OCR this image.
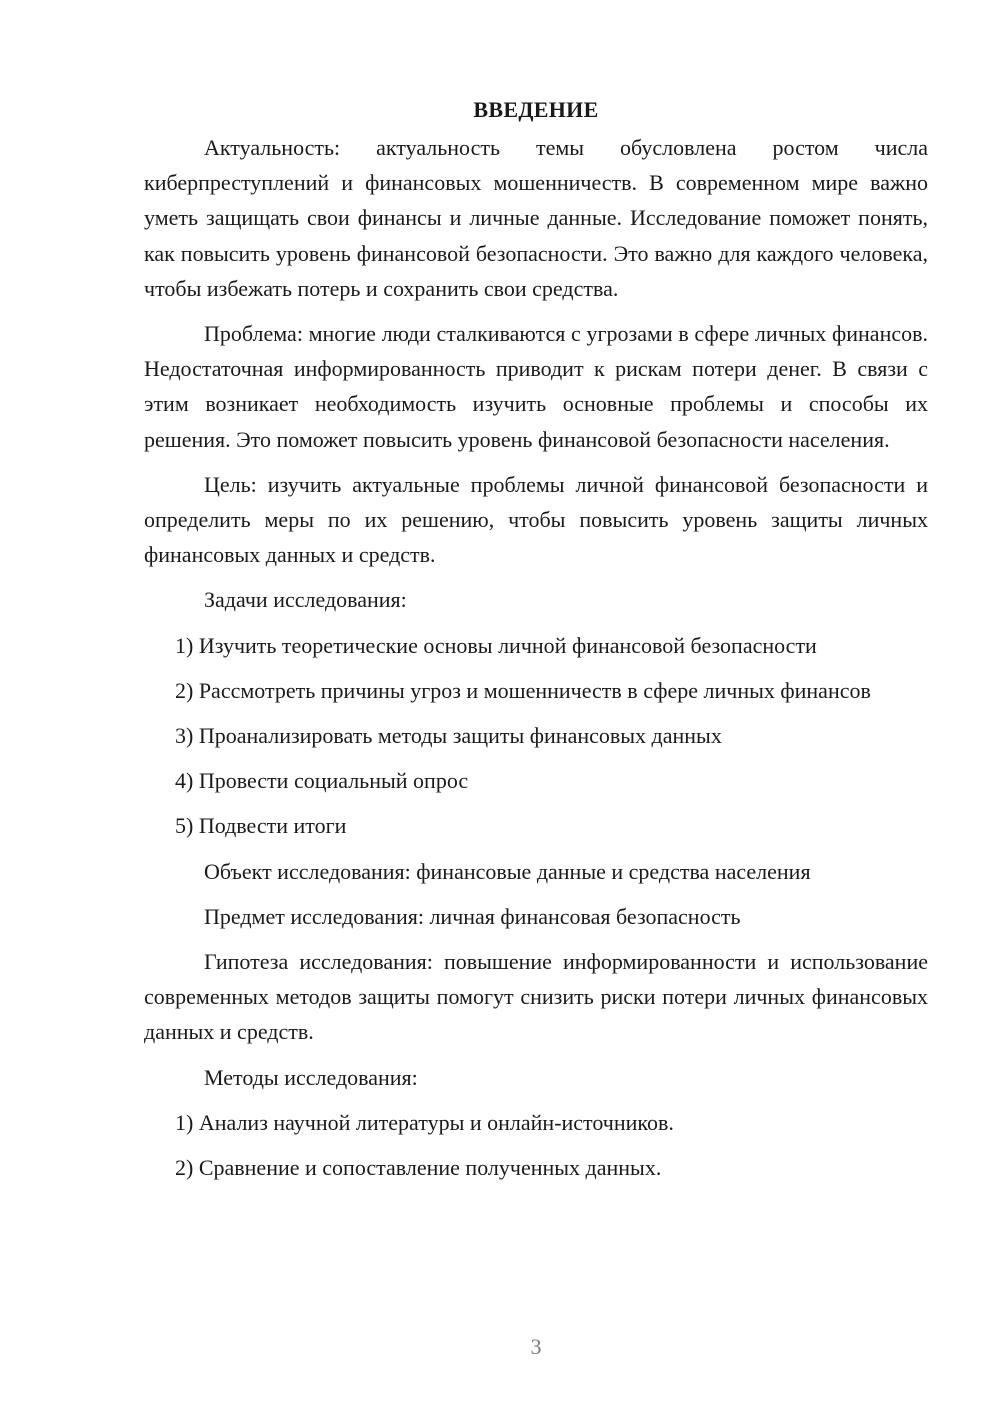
ВВЕДЕНИЕ

Актуальность: актуальность темы обусловлена ростом числа киберпреступлений и финансовых мошенничеств. В современном мире важно уметь защищать свои финансы и личные данные. Исследование поможет понять, как повысить уровень финансовой безопасности. Это важно для каждого человека, чтобы избежать потерь и сохранить свои средства.

Проблема: многие люди сталкиваются с угрозами в сфере личных финансов. Недостаточная информированность приводит к рискам потери денег. В связи с этим возникает необходимость изучить основные проблемы и способы их решения. Это поможет повысить уровень финансовой безопасности населения.

Цель: изучить актуальные проблемы личной финансовой безопасности и определить меры по их решению, чтобы повысить уровень защиты личных финансовых данных и средств.

Задачи исследования:

1) Изучить теоретические основы личной финансовой безопасности

2) Рассмотреть причины угроз и мошенничеств в сфере личных финансов

3) Проанализировать методы защиты финансовых данных

4) Провести социальный опрос

5) Подвести итоги

Объект исследования: финансовые данные и средства населения

Предмет исследования: личная финансовая безопасность

Гипотеза исследования: повышение информированности и использование современных методов защиты помогут снизить риски потери личных финансовых данных и средств.

Методы исследования:

1) Анализ научной литературы и онлайн-источников.

2) Сравнение и сопоставление полученных данных.

3
